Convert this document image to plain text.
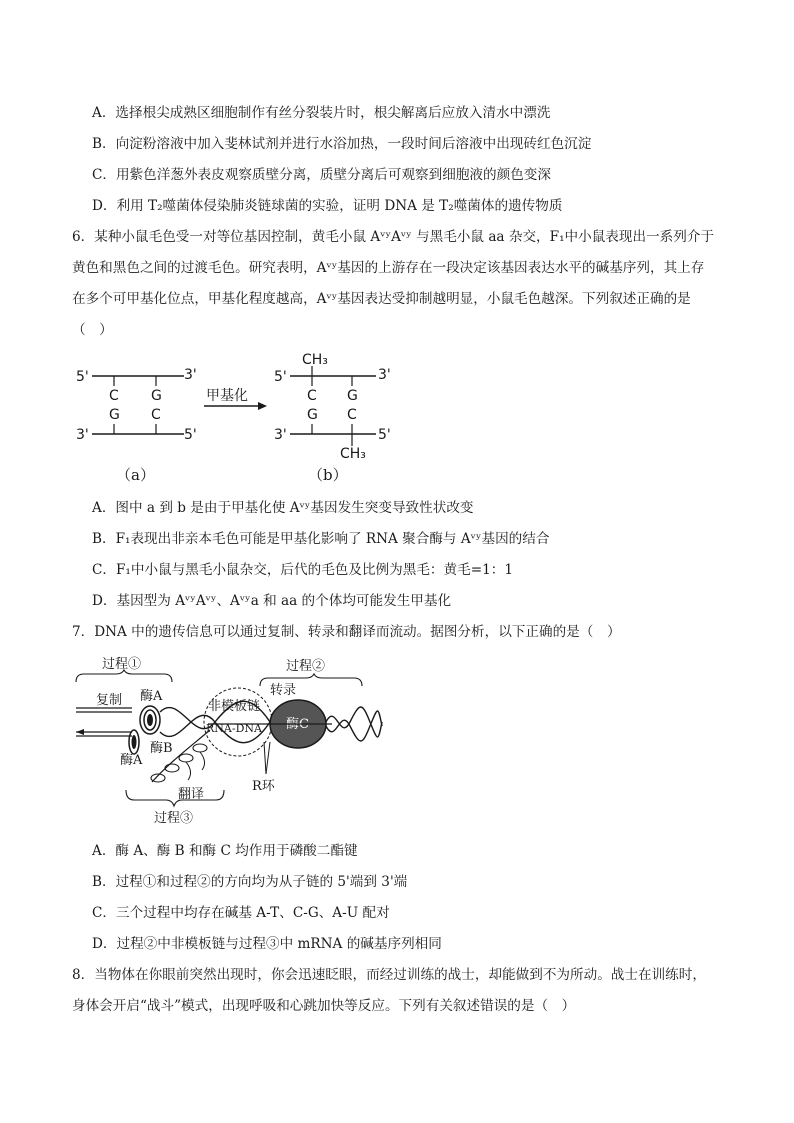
A．选择根尖成熟区细胞制作有丝分裂装片时，根尖解离后应放入清水中漂洗
B．向淀粉溶液中加入斐林试剂并进行水浴加热，一段时间后溶液中出现砖红色沉淀
C．用紫色洋葱外表皮观察质壁分离，质壁分离后可观察到细胞液的颜色变深
D．利用 T₂噬菌体侵染肺炎链球菌的实验，证明 DNA 是 T₂噬菌体的遗传物质
6．某种小鼠毛色受一对等位基因控制，黄毛小鼠 AᵛʸAᵛʸ 与黑毛小鼠 aa 杂交，F₁中小鼠表现出一系列介于
黄色和黑色之间的过渡毛色。研究表明，Aᵛʸ基因的上游存在一段决定该基因表达水平的碱基序列，其上存
在多个可甲基化位点，甲基化程度越高，Aᵛʸ基因表达受抑制越明显，小鼠毛色越深。下列叙述正确的是
（　）
5'	3'
C G
G C
3'	5'
甲基化
CH₃
5'	3'
C G
G C
3'	5'
CH₃
（a）	（b）
A．图中 a 到 b 是由于甲基化使 Aᵛʸ基因发生突变导致性状改变
B．F₁表现出非亲本毛色可能是甲基化影响了 RNA 聚合酶与 Aᵛʸ基因的结合
C．F₁中小鼠与黑毛小鼠杂交，后代的毛色及比例为黑毛：黄毛=1：1
D．基因型为 AᵛʸAᵛʸ、Aᵛʸa 和 aa 的个体均可能发生甲基化
7．DNA 中的遗传信息可以通过复制、转录和翻译而流动。据图分析，以下正确的是（　）
过程①	过程②
复制 酶A
酶B
酶A
非模板链
RNA-DNA 酶C
转录
R环
翻译
过程③
A．酶 A、酶 B 和酶 C 均作用于磷酸二酯键
B．过程①和过程②的方向均为从子链的 5'端到 3'端
C．三个过程中均存在碱基 A-T、C-G、A-U 配对
D．过程②中非模板链与过程③中 mRNA 的碱基序列相同
8．当物体在你眼前突然出现时，你会迅速眨眼，而经过训练的战士，却能做到不为所动。战士在训练时，
身体会开启“战斗”模式，出现呼吸和心跳加快等反应。下列有关叙述错误的是（　）
